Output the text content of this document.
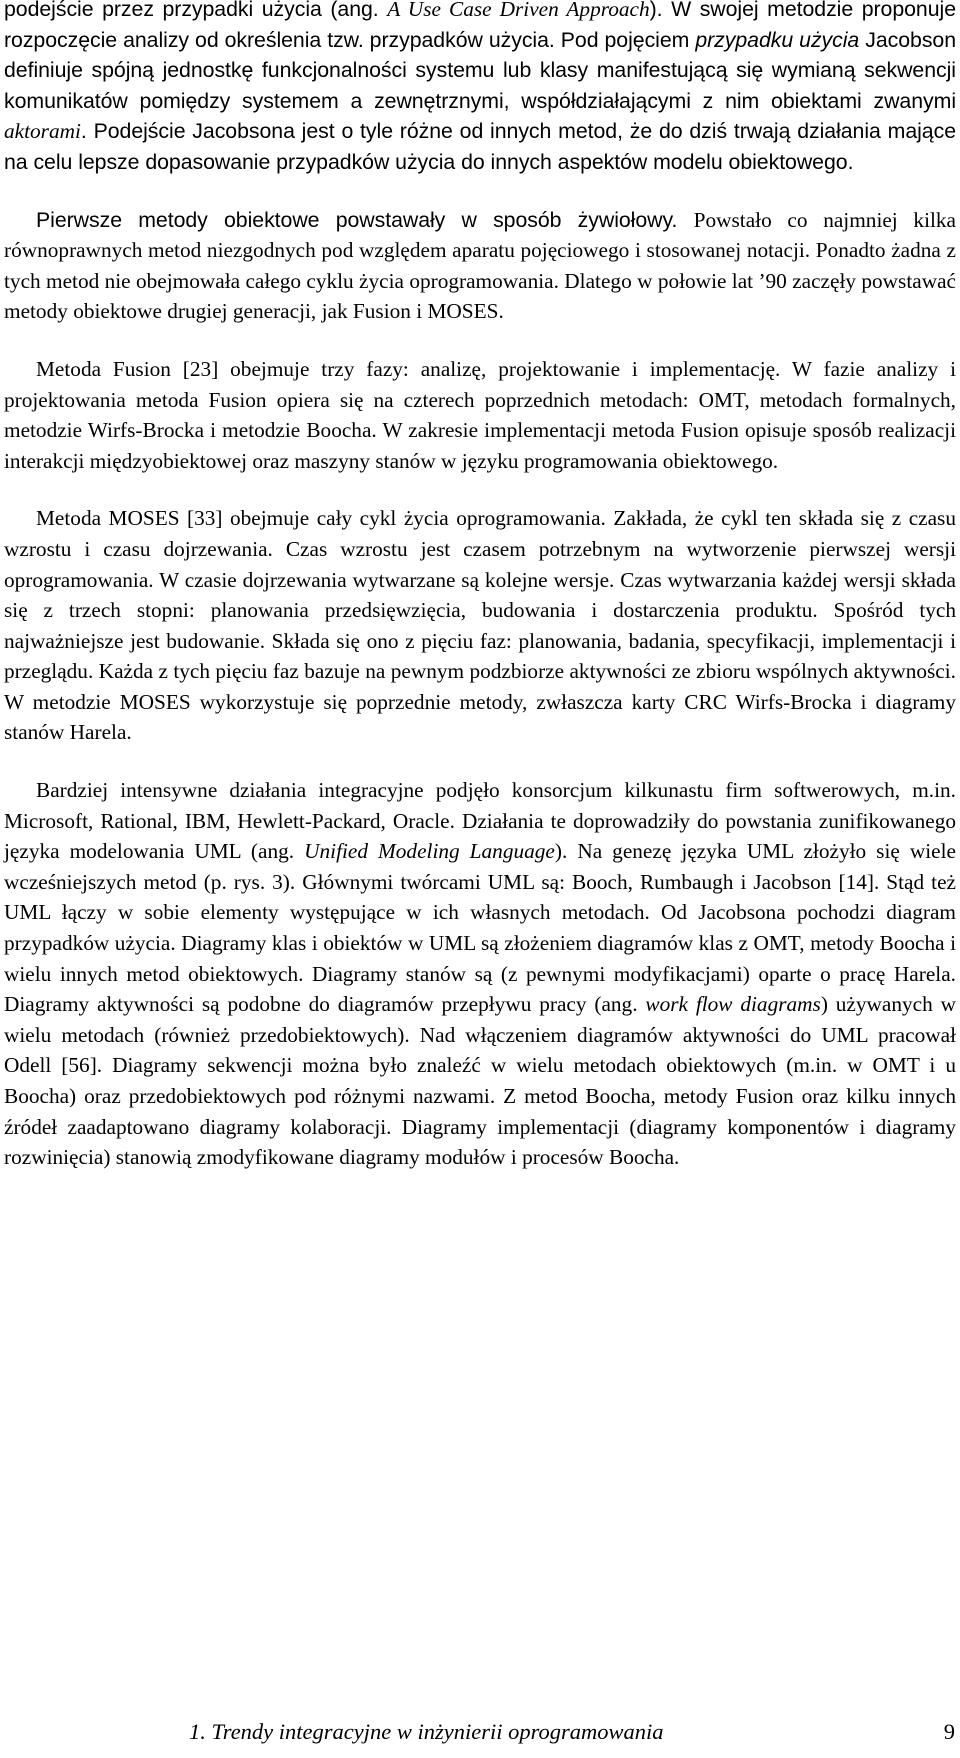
podejście przez przypadki użycia (ang. A Use Case Driven Approach). W swojej metodzie proponuje rozpoczęcie analizy od określenia tzw. przypadków użycia. Pod pojęciem przypadku użycia Jacobson definiuje spójną jednostkę funkcjonalności systemu lub klasy manifestującą się wymianą sekwencji komunikatów pomiędzy systemem a zewnętrznymi, współdziałającymi z nim obiektami zwanymi aktorami. Podejście Jacobsona jest o tyle różne od innych metod, że do dziś trwają działania mające na celu lepsze dopasowanie przypadków użycia do innych aspektów modelu obiektowego.

Pierwsze metody obiektowe powstawały w sposób żywiołowy. Powstało co najmniej kilka równoprawnych metod niezgodnych pod względem aparatu pojęciowego i stosowanej notacji. Ponadto żadna z tych metod nie obejmowała całego cyklu życia oprogramowania. Dlatego w połowie lat ’90 zaczęły powstawać metody obiektowe drugiej generacji, jak Fusion i MOSES.

Metoda Fusion [23] obejmuje trzy fazy: analizę, projektowanie i implementację. W fazie analizy i projektowania metoda Fusion opiera się na czterech poprzednich metodach: OMT, metodach formalnych, metodzie Wirfs-Brocka i metodzie Boocha. W zakresie implementacji metoda Fusion opisuje sposób realizacji interakcji międzyobiektowej oraz maszyny stanów w języku programowania obiektowego.

Metoda MOSES [33] obejmuje cały cykl życia oprogramowania. Zakłada, że cykl ten składa się z czasu wzrostu i czasu dojrzewania. Czas wzrostu jest czasem potrzebnym na wytworzenie pierwszej wersji oprogramowania. W czasie dojrzewania wytwarzane są kolejne wersje. Czas wytwarzania każdej wersji składa się z trzech stopni: planowania przedsięwzięcia, budowania i dostarczenia produktu. Spośród tych najważniejsze jest budowanie. Składa się ono z pięciu faz: planowania, badania, specyfikacji, implementacji i przeglądu. Każda z tych pięciu faz bazuje na pewnym podzbiorze aktywności ze zbioru wspólnych aktywności. W metodzie MOSES wykorzystuje się poprzednie metody, zwłaszcza karty CRC Wirfs-Brocka i diagramy stanów Harela.

Bardziej intensywne działania integracyjne podjęło konsorcjum kilkunastu firm softwerowych, m.in. Microsoft, Rational, IBM, Hewlett-Packard, Oracle. Działania te doprowadziły do powstania zunifikowanego języka modelowania UML (ang. Unified Modeling Language). Na genezę języka UML złożyło się wiele wcześniejszych metod (p. rys. 3). Głównymi twórcami UML są: Booch, Rumbaugh i Jacobson [14]. Stąd też UML łączy w sobie elementy występujące w ich własnych metodach. Od Jacobsona pochodzi diagram przypadków użycia. Diagramy klas i obiektów w UML są złożeniem diagramów klas z OMT, metody Boocha i wielu innych metod obiektowych. Diagramy stanów są (z pewnymi modyfikacjami) oparte o pracę Harela. Diagramy aktywności są podobne do diagramów przepływu pracy (ang. work flow diagrams) używanych w wielu metodach (również przedobiektowych). Nad włączeniem diagramów aktywności do UML pracował Odell [56]. Diagramy sekwencji można było znaleźć w wielu metodach obiektowych (m.in. w OMT i u Boocha) oraz przedobiektowych pod różnymi nazwami. Z metod Boocha, metody Fusion oraz kilku innych źródeł zaadaptowano diagramy kolaboracji. Diagramy implementacji (diagramy komponentów i diagramy rozwinięcia) stanowią zmodyfikowane diagramy modułów i procesów Boocha.

1. Trendy integracyjne w inżynierii oprogramowania	9
